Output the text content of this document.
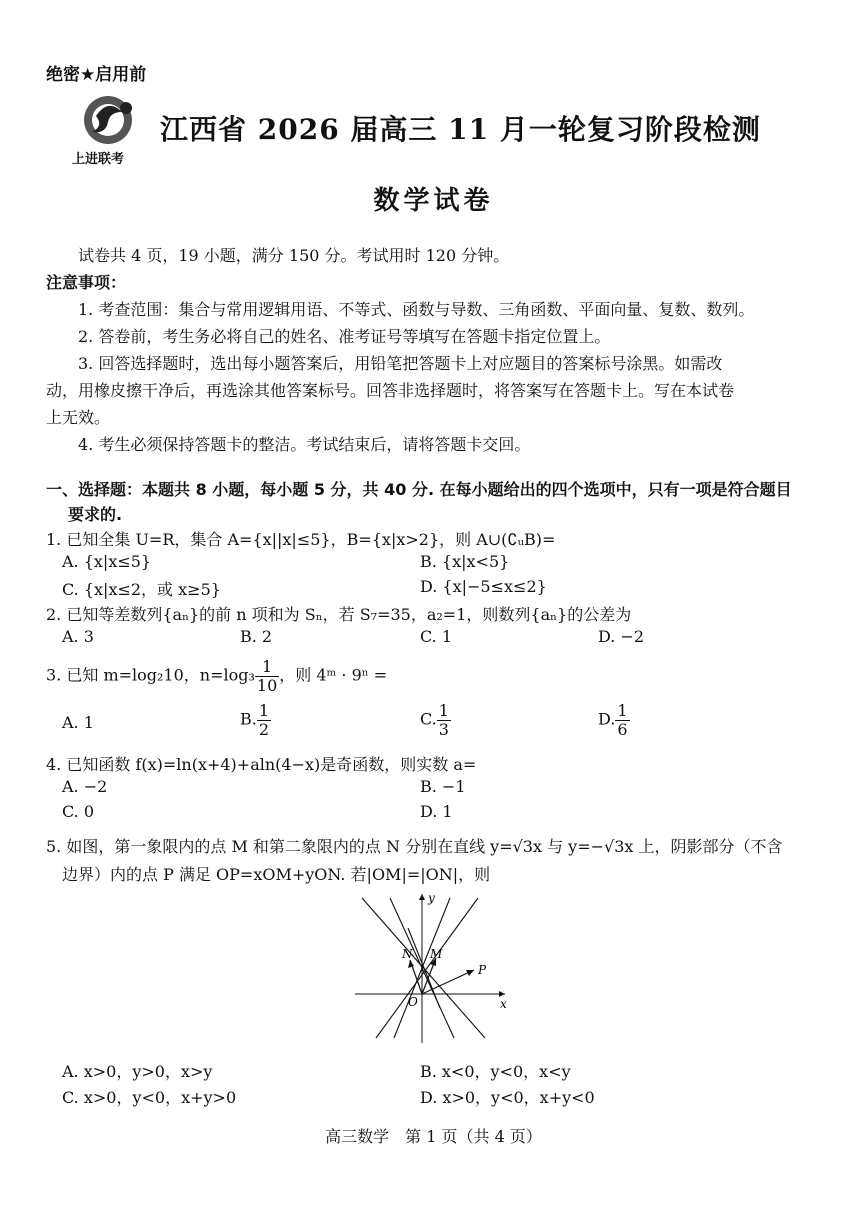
绝密★启用前
上进联考
江西省 2026 届高三 11 月一轮复习阶段检测
数学试卷
试卷共 4 页，19 小题，满分 150 分。考试用时 120 分钟。
注意事项：
1. 考查范围：集合与常用逻辑用语、不等式、函数与导数、三角函数、平面向量、复数、数列。
2. 答卷前，考生务必将自己的姓名、准考证号等填写在答题卡指定位置上。
3. 回答选择题时，选出每小题答案后，用铅笔把答题卡上对应题目的答案标号涂黑。如需改
动，用橡皮擦干净后，再选涂其他答案标号。回答非选择题时，将答案写在答题卡上。写在本试卷
上无效。
4. 考生必须保持答题卡的整洁。考试结束后，请将答题卡交回。
一、选择题：本题共 8 小题，每小题 5 分，共 40 分. 在每小题给出的四个选项中，只有一项是符合题目
要求的.
1. 已知全集 U=R，集合 A={x||x|≤5}，B={x|x>2}，则 A∪(∁ᵤB)=
A. {x|x≤5}	B. {x|x<5}
C. {x|x≤2，或 x≥5}	D. {x|−5≤x≤2}
2. 已知等差数列{aₙ}的前 n 项和为 Sₙ，若 S₇=35，a₂=1，则数列{aₙ}的公差为
A. 3	B. 2	C. 1	D. −2
3. 已知 m=log₂10，$n=\log_3 \frac{1}{10}$ ，则 4ᵐ · 9ⁿ =
A. 1	B. $\frac{1}{2}$	C. $\frac{1}{3}$	D. $\frac{1}{6}$
4. 已知函数 f(x)=ln(x+4)+aln(4−x)是奇函数，则实数 a=
A. −2	B. −1
C. 0	D. 1
5. 如图，第一象限内的点 M 和第二象限内的点 N 分别在直线 y=√3x 与 y=−√3x 上，阴影部分（不含
边界）内的点 P 满足 OP=xOM+yON. 若|OM|=|ON|，则
y
x
O
N M
P
A. x>0，y>0，x>y	B. x<0，y<0，x<y
C. x>0，y<0，x+y>0	D. x>0，y<0，x+y<0
高三数学　第 1 页（共 4 页）
